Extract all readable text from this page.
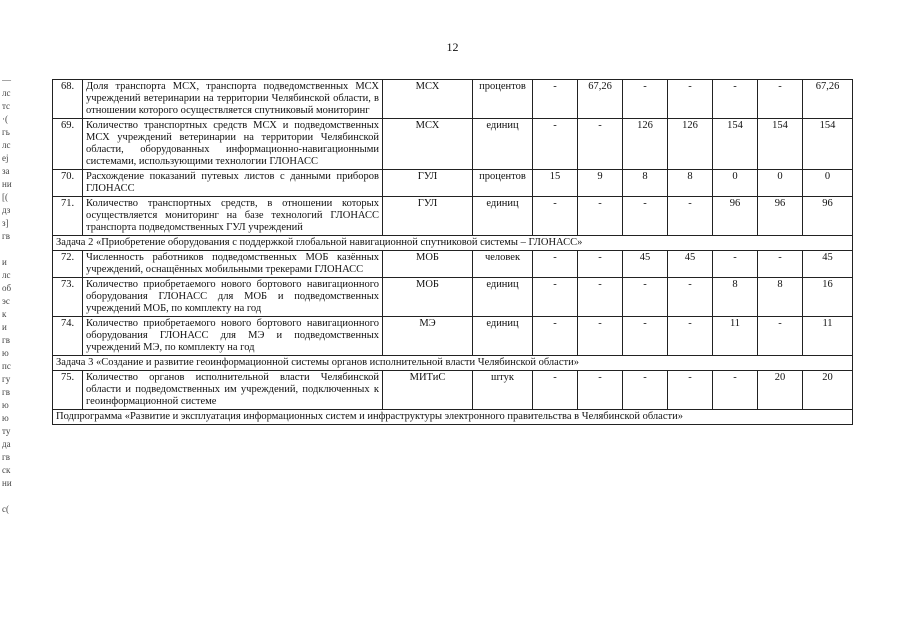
12
—
лс
тс
·(
гь
лс
еј
за
ни
[(
дз
з]
гв
и
лс
об
эс
к
и
гв
ю
пс
гу
гв
ю
ю
ту
да
гв
ск
ни
с(
68.	Доля транспорта МСХ, транспорта подведомственных МСХ учреждений ветеринарии на территории Челябинской области, в отношении которого осуществляется спутниковый мониторинг	МСХ	процентов	-	67,26	-	-	-	-	67,26
69.	Количество транспортных средств МСХ и подведомственных МСХ учреждений ветеринарии на территории Челябинской области, оборудованных информационно-навигационными системами, использующими технологии ГЛОНАСС	МСХ	единиц	-	-	126	126	154	154	154
70.	Расхождение показаний путевых листов с данными приборов ГЛОНАСС	ГУЛ	процентов	15	9	8	8	0	0	0
71.	Количество транспортных средств, в отношении которых осуществляется мониторинг на базе технологий ГЛОНАСС транспорта подведомственных ГУЛ учреждений	ГУЛ	единиц	-	-	-	-	96	96	96
Задача 2 «Приобретение оборудования с поддержкой глобальной навигационной спутниковой системы – ГЛОНАСС»										
72.	Численность работников подведомственных МОБ казённых учреждений, оснащённых мобильными трекерами ГЛОНАСС	МОБ	человек	-	-	45	45	-	-	45
73.	Количество приобретаемого нового бортового навигационного оборудования ГЛОНАСС для МОБ и подведомственных учреждений МОБ, по комплекту на год	МОБ	единиц	-	-	-	-	8	8	16
74.	Количество приобретаемого нового бортового навигационного оборудования ГЛОНАСС для МЭ и подведомственных учреждений МЭ, по комплекту на год	МЭ	единиц	-	-	-	-	11	-	11
Задача 3 «Создание и развитие геоинформационной системы органов исполнительной власти Челябинской области»										
75.	Количество органов исполнительной власти Челябинской области и подведомственных им учреждений, подключенных к геоинформационной системе	МИТиС	штук	-	-	-	-	-	20	20
Подпрограмма «Развитие и эксплуатация информационных систем и инфраструктуры электронного правительства в Челябинской области»										
